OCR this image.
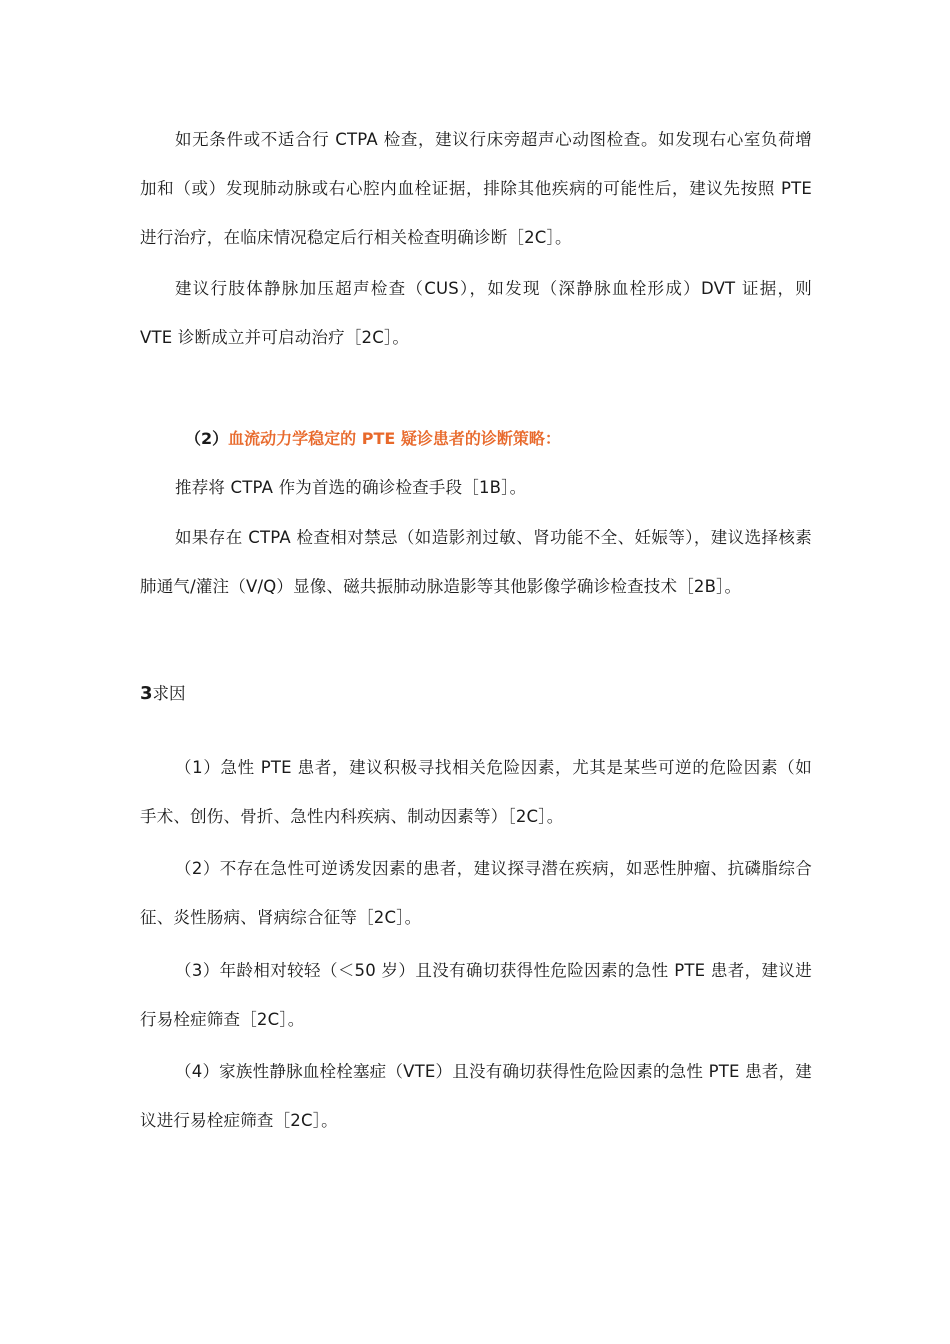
如无条件或不适合行 CTPA 检查，建议行床旁超声心动图检查。如发现右心室负荷增加和（或）发现肺动脉或右心腔内血栓证据，排除其他疾病的可能性后，建议先按照 PTE 进行治疗，在临床情况稳定后行相关检查明确诊断［2C］。

建议行肢体静脉加压超声检查（CUS），如发现（深静脉血栓形成）DVT 证据，则 VTE 诊断成立并可启动治疗［2C］。

（2）血流动力学稳定的 PTE 疑诊患者的诊断策略：

推荐将 CTPA 作为首选的确诊检查手段［1B］。

如果存在 CTPA 检查相对禁忌（如造影剂过敏、肾功能不全、妊娠等），建议选择核素肺通气/灌注（V/Q）显像、磁共振肺动脉造影等其他影像学确诊检查技术［2B］。

3求因

（1）急性 PTE 患者，建议积极寻找相关危险因素，尤其是某些可逆的危险因素（如手术、创伤、骨折、急性内科疾病、制动因素等）［2C］。

（2）不存在急性可逆诱发因素的患者，建议探寻潜在疾病，如恶性肿瘤、抗磷脂综合征、炎性肠病、肾病综合征等［2C］。

（3）年龄相对较轻（＜50 岁）且没有确切获得性危险因素的急性 PTE 患者，建议进行易栓症筛查［2C］。

（4）家族性静脉血栓栓塞症（VTE）且没有确切获得性危险因素的急性 PTE 患者，建议进行易栓症筛查［2C］。
